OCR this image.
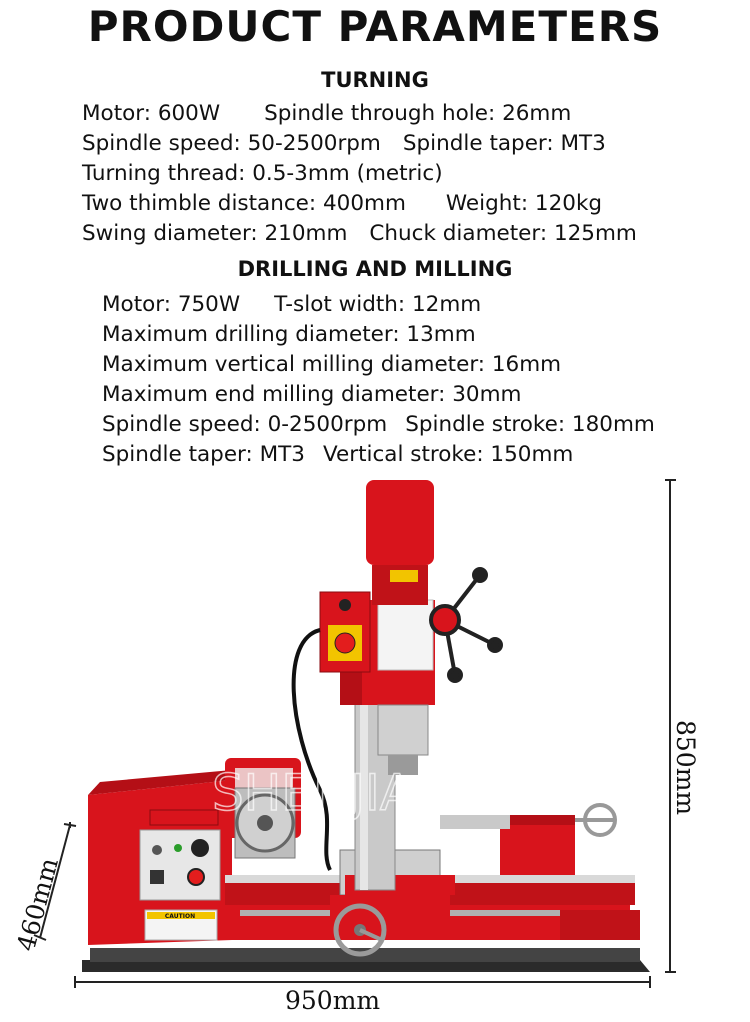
PRODUCT PARAMETERS
TURNING
Motor: 600W Spindle through hole: 26mm
Spindle speed: 50-2500rpm Spindle taper: MT3
Turning thread: 0.5-3mm (metric)
Two thimble distance: 400mm Weight: 120kg
Swing diameter: 210mm Chuck diameter: 125mm
DRILLING AND MILLING
Motor: 750W T-slot width: 12mm
Maximum drilling diameter: 13mm
Maximum vertical milling diameter: 16mm
Maximum end milling diameter: 30mm
Spindle speed: 0-2500rpm Spindle stroke: 180mm
Spindle taper: MT3 Vertical stroke: 150mm
CAUTION
SHENJIAAO	850mm
460mm
950mm
